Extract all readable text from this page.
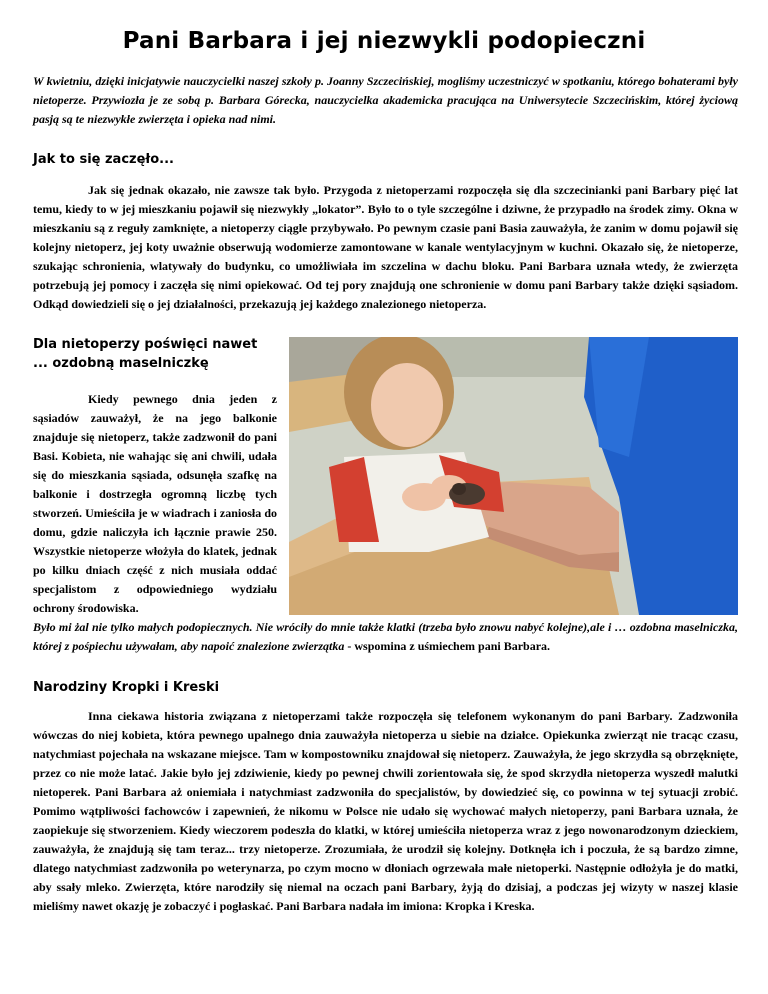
Pani Barbara i jej niezwykli podopieczni

W kwietniu, dzięki inicjatywie nauczycielki naszej szkoły p. Joanny Szczecińskiej, mogliśmy uczestniczyć w spotkaniu, którego bohaterami były nietoperze. Przywiozła je ze sobą p. Barbara Górecka, nauczycielka akademicka pracująca na Uniwersytecie Szczecińskim, której życiową pasją są te niezwykłe zwierzęta i opieka nad nimi.

Jak to się zaczęło...

Jak się jednak okazało, nie zawsze tak było. Przygoda z nietoperzami rozpoczęła się dla szczecinianki pani Barbary pięć lat temu, kiedy to w jej mieszkaniu pojawił się niezwykły „lokator”. Było to o tyle szczególne i dziwne, że przypadło na środek zimy. Okna w mieszkaniu są z reguły zamknięte, a nietoperzy ciągle przybywało. Po pewnym czasie pani Basia zauważyła, że zanim w domu pojawił się kolejny nietoperz, jej koty uważnie obserwują wodomierze zamontowane w kanale wentylacyjnym w kuchni. Okazało się, że nietoperze, szukając schronienia, wlatywały do budynku, co umożliwiała im szczelina w dachu bloku. Pani Barbara uznała wtedy, że zwierzęta potrzebują jej pomocy i zaczęła się nimi opiekować. Od tej pory znajdują one schronienie w domu pani Barbary także dzięki sąsiadom. Odkąd dowiedzieli się o jej działalności, przekazują jej każdego znalezionego nietoperza.

Dla nietoperzy poświęci nawet
... ozdobną maselniczkę

Kiedy pewnego dnia jeden z sąsiadów zauważył, że na jego balkonie znajduje się nietoperz, także zadzwonił do pani Basi. Kobieta, nie wahając się ani chwili, udała się do mieszkania sąsiada, odsunęła szafkę na balkonie i dostrzegła ogromną liczbę tych stworzeń. Umieściła je w wiadrach i zaniosła do domu, gdzie naliczyła ich łącznie prawie 250. Wszystkie nietoperze włożyła do klatek, jednak po kilku dniach część z nich musiała oddać specjalistom z odpowiedniego wydziału ochrony środowiska.

Było mi żal nie tylko małych podopiecznych. Nie wróciły do mnie także klatki (trzeba było znowu nabyć kolejne),ale i … ozdobna maselniczka, której z pośpiechu używałam, aby napoić znalezione zwierzątka - wspomina z uśmiechem pani Barbara.

Narodziny Kropki i Kreski

Inna ciekawa historia związana z nietoperzami także rozpoczęła się telefonem wykonanym do pani Barbary. Zadzwoniła wówczas do niej kobieta, która pewnego upalnego dnia zauważyła nietoperza u siebie na działce. Opiekunka zwierząt nie tracąc czasu, natychmiast pojechała na wskazane miejsce. Tam w kompostowniku znajdował się nietoperz. Zauważyła, że jego skrzydła są obrzęknięte, przez co nie może latać. Jakie było jej zdziwienie, kiedy po pewnej chwili zorientowała się, że spod skrzydła nietoperza wyszedł malutki nietoperek. Pani Barbara aż oniemiała i natychmiast zadzwoniła do specjalistów, by dowiedzieć się, co powinna w tej sytuacji zrobić. Pomimo wątpliwości fachowców i zapewnień, że nikomu w Polsce nie udało się wychować małych nietoperzy, pani Barbara uznała, że zaopiekuje się stworzeniem. Kiedy wieczorem podeszła do klatki, w której umieściła nietoperza wraz z jego nowonarodzonym dzieckiem, zauważyła, że znajdują się tam teraz... trzy nietoperze. Zrozumiała, że urodził się kolejny. Dotknęła ich i poczuła, że są bardzo zimne, dlatego natychmiast zadzwoniła po weterynarza, po czym mocno w dłoniach ogrzewała małe nietoperki. Następnie odłożyła je do matki, aby ssały mleko. Zwierzęta, które narodziły się niemal na oczach pani Barbary, żyją do dzisiaj, a podczas jej wizyty w naszej klasie mieliśmy nawet okazję je zobaczyć i pogłaskać. Pani Barbara nadała im imiona: Kropka i Kreska.
